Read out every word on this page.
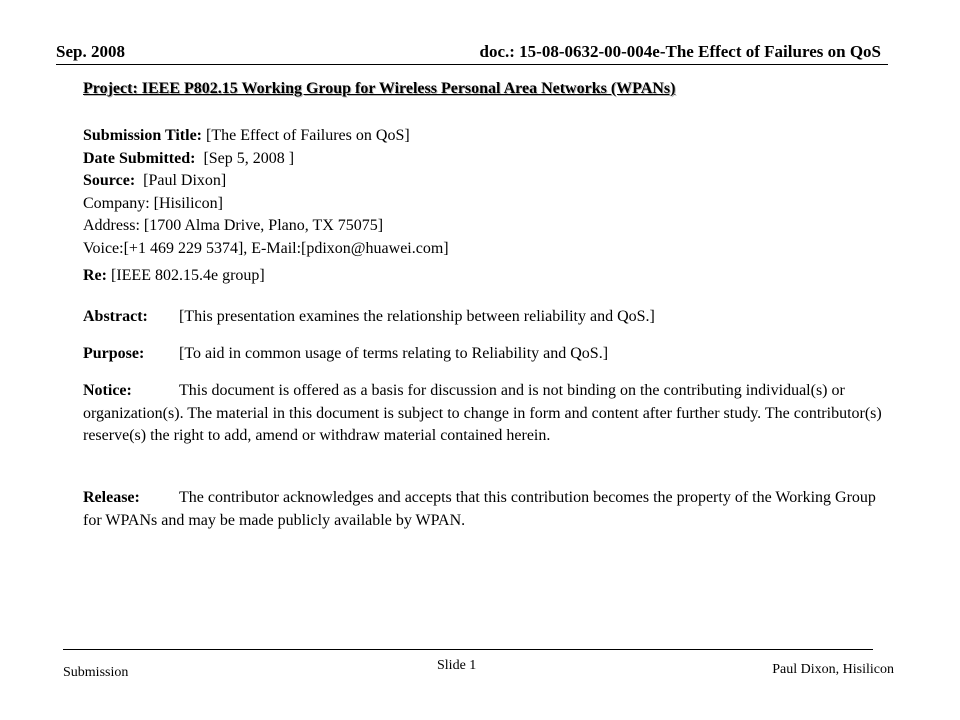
Sep. 2008	doc.: 15-08-0632-00-004e-The Effect of Failures on QoS
Project: IEEE P802.15 Working Group for Wireless Personal Area Networks (WPANs)
Submission Title: [The Effect of Failures on QoS]
Date Submitted:  [Sep 5, 2008 ]
Source:  [Paul Dixon]
Company: [Hisilicon]
Address: [1700 Alma Drive, Plano, TX 75075]
Voice:[+1 469 229 5374], E-Mail:[pdixon@huawei.com]
Re: [IEEE 802.15.4e group]
Abstract: [This presentation examines the relationship between reliability and QoS.]
Purpose: [To aid in common usage of terms relating to Reliability and QoS.]
Notice:	This document is offered as a basis for discussion and is not binding on the contributing individual(s) or organization(s). The material in this document is subject to change in form and content after further study. The contributor(s) reserve(s) the right to add, amend or withdraw material contained herein.
Release: The contributor acknowledges and accepts that this contribution becomes the property of the Working Group for WPANs and may be made publicly available by WPAN.
Submission	Slide 1	Paul Dixon, Hisilicon
